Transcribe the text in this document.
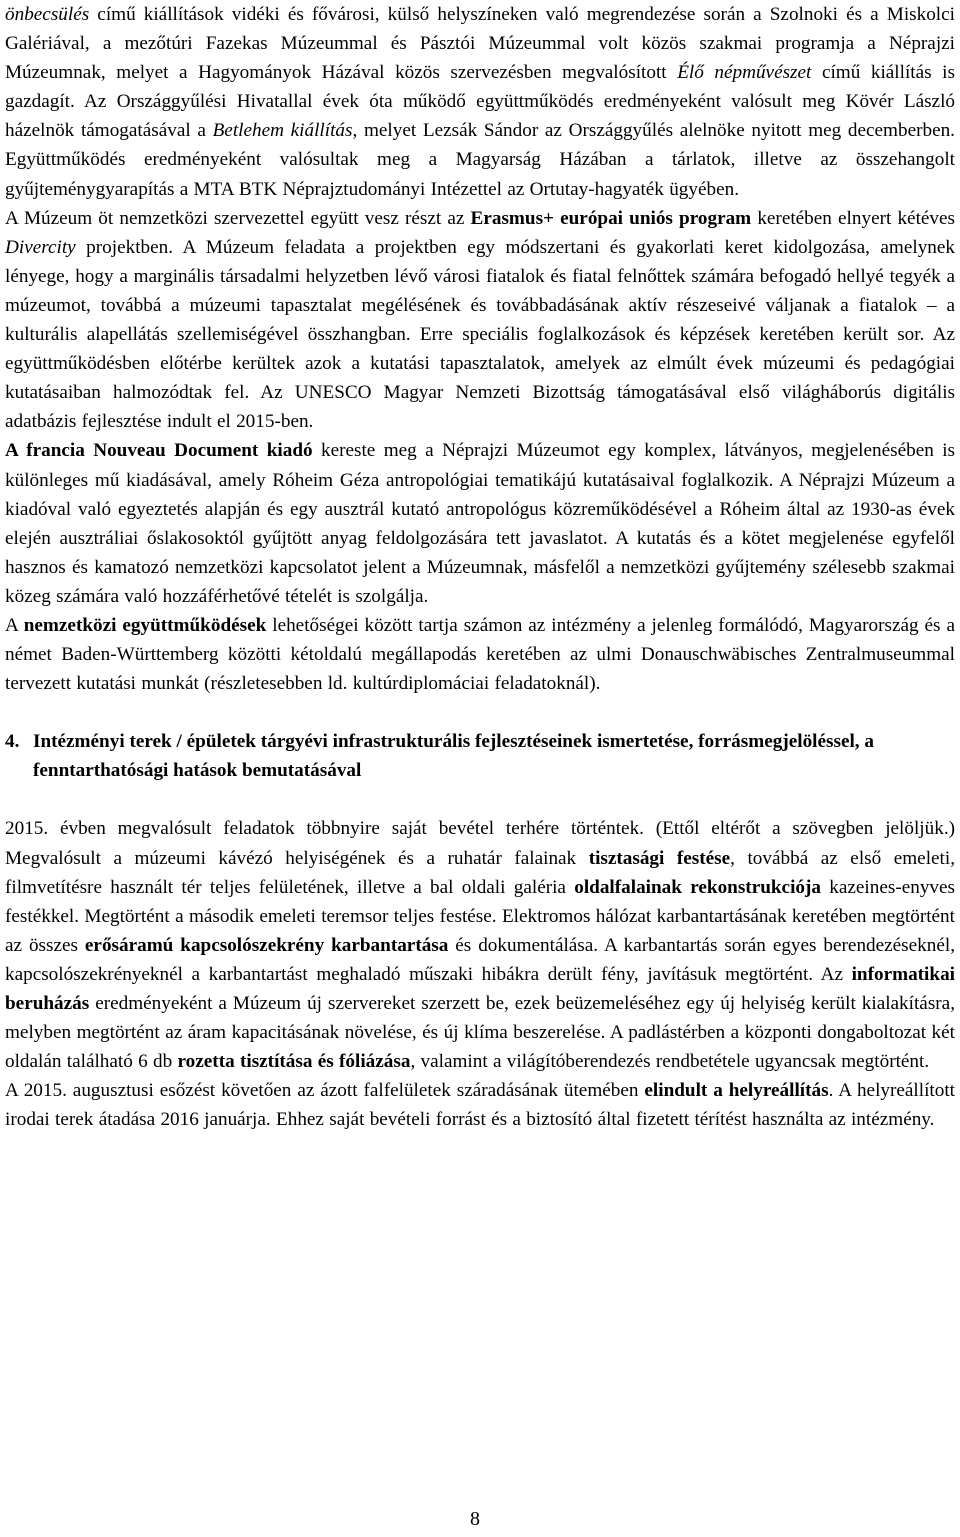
önbecsülés című kiállítások vidéki és fővárosi, külső helyszíneken való megrendezése során a Szolnoki és a Miskolci Galériával, a mezőtúri Fazekas Múzeummal és Pásztói Múzeummal volt közös szakmai programja a Néprajzi Múzeumnak, melyet a Hagyományok Házával közös szervezésben megvalósított Élő népművészet című kiállítás is gazdagít. Az Országgyűlési Hivatallal évek óta működő együttműködés eredményeként valósult meg Kövér László házelnök támogatásával a Betlehem kiállítás, melyet Lezsák Sándor az Országgyűlés alelnöke nyitott meg decemberben. Együttműködés eredményeként valósultak meg a Magyarság Házában a tárlatok, illetve az összehangolt gyűjteménygyarapítás a MTA BTK Néprajztudományi Intézettel az Ortutay-hagyaték ügyében.

A Múzeum öt nemzetközi szervezettel együtt vesz részt az Erasmus+ európai uniós program keretében elnyert kétéves Divercity projektben. A Múzeum feladata a projektben egy módszertani és gyakorlati keret kidolgozása, amelynek lényege, hogy a marginális társadalmi helyzetben lévő városi fiatalok és fiatal felnőttek számára befogadó hellyé tegyék a múzeumot, továbbá a múzeumi tapasztalat megélésének és továbbadásának aktív részeseivé váljanak a fiatalok – a kulturális alapellátás szellemiségével összhangban. Erre speciális foglalkozások és képzések keretében került sor. Az együttműködésben előtérbe kerültek azok a kutatási tapasztalatok, amelyek az elmúlt évek múzeumi és pedagógiai kutatásaiban halmozódtak fel. Az UNESCO Magyar Nemzeti Bizottság támogatásával első világháborús digitális adatbázis fejlesztése indult el 2015-ben.

A francia Nouveau Document kiadó kereste meg a Néprajzi Múzeumot egy komplex, látványos, megjelenésében is különleges mű kiadásával, amely Róheim Géza antropológiai tematikájú kutatásaival foglalkozik. A Néprajzi Múzeum a kiadóval való egyeztetés alapján és egy ausztrál kutató antropológus közreműködésével a Róheim által az 1930-as évek elején ausztráliai őslakosoktól gyűjtött anyag feldolgozására tett javaslatot. A kutatás és a kötet megjelenése egyfelől hasznos és kamatozó nemzetközi kapcsolatot jelent a Múzeumnak, másfelől a nemzetközi gyűjtemény szélesebb szakmai közeg számára való hozzáférhetővé tételét is szolgálja.

A nemzetközi együttműködések lehetőségei között tartja számon az intézmény a jelenleg formálódó, Magyarország és a német Baden-Württemberg közötti kétoldalú megállapodás keretében az ulmi Donauschwäbisches Zentralmuseummal tervezett kutatási munkát (részletesebben ld. kultúrdiplomáciai feladatoknál).

4. Intézményi terek / épületek tárgyévi infrastrukturális fejlesztéseinek ismertetése, forrásmegjelöléssel, a fenntarthatósági hatások bemutatásával

2015. évben megvalósult feladatok többnyire saját bevétel terhére történtek. (Ettől eltérőt a szövegben jelöljük.) Megvalósult a múzeumi kávézó helyiségének és a ruhatár falainak tisztasági festése, továbbá az első emeleti, filmvetítésre használt tér teljes felületének, illetve a bal oldali galéria oldalfalainak rekonstrukciója kazeines-enyves festékkel. Megtörtént a második emeleti teremsor teljes festése. Elektromos hálózat karbantartásának keretében megtörtént az összes erősáramú kapcsolószekrény karbantartása és dokumentálása. A karbantartás során egyes berendezéseknél, kapcsolószekrényeknél a karbantartást meghaladó műszaki hibákra derült fény, javításuk megtörtént. Az informatikai beruházás eredményeként a Múzeum új szervereket szerzett be, ezek beüzemeléséhez egy új helyiség került kialakításra, melyben megtörtént az áram kapacitásának növelése, és új klíma beszerelése. A padlástérben a központi dongaboltozat két oldalán található 6 db rozetta tisztítása és fóliázása, valamint a világítóberendezés rendbetétele ugyancsak megtörtént.

A 2015. augusztusi esőzést követően az ázott falfelületek száradásának ütemében elindult a helyreállítás. A helyreállított irodai terek átadása 2016 januárja. Ehhez saját bevételi forrást és a biztosító által fizetett térítést használta az intézmény.

8
